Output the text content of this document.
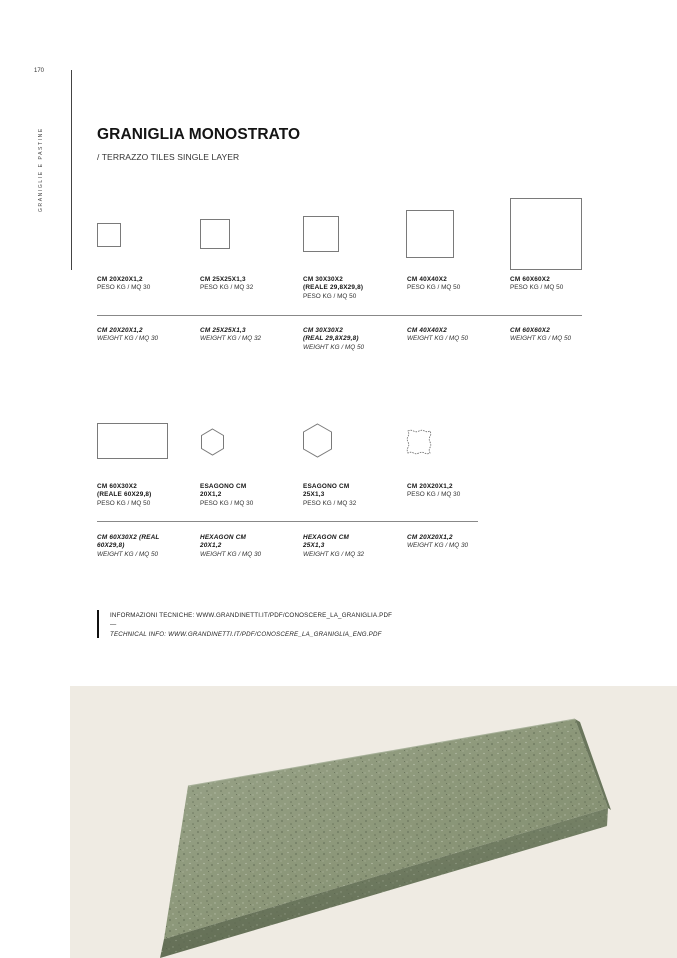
170
GRANIGLIE E PASTINE	GRANIGLIA MONOSTRATO
/ TERRAZZO TILES SINGLE LAYER
CM 20X20X1,2
PESO KG / MQ 30
CM 25X25X1,3
PESO KG / MQ 32
CM 30X30X2
(REALE 29,8X29,8)
PESO KG / MQ 50
CM 40X40X2
PESO KG / MQ 50
CM 60X60X2
PESO KG / MQ 50
CM 20X20X1,2
WEIGHT KG / MQ 30
CM 25X25X1,3
WEIGHT KG / MQ 32
CM 30X30X2
(REAL 29,8X29,8)
WEIGHT KG / MQ 50
CM 40X40X2
WEIGHT KG / MQ 50
CM 60X60X2
WEIGHT KG / MQ 50
CM 60X30X2
(REALE 60X29,8)
PESO KG / MQ 50
ESAGONO CM
20X1,2
PESO KG / MQ 30
ESAGONO CM
25X1,3
PESO KG / MQ 32
CM 20X20X1,2
PESO KG / MQ 30
CM 60X30X2 (REAL
60X29,8)
WEIGHT KG / MQ 50
HEXAGON CM
20X1,2
WEIGHT KG / MQ 30
HEXAGON CM
25X1,3
WEIGHT KG / MQ 32
CM 20X20X1,2
WEIGHT KG / MQ 30
INFORMAZIONI TECNICHE: WWW.GRANDINETTI.IT/PDF/CONOSCERE_LA_GRANIGLIA.PDF
—
TECHNICAL INFO: WWW.GRANDINETTI.IT/PDF/CONOSCERE_LA_GRANIGLIA_ENG.PDF
